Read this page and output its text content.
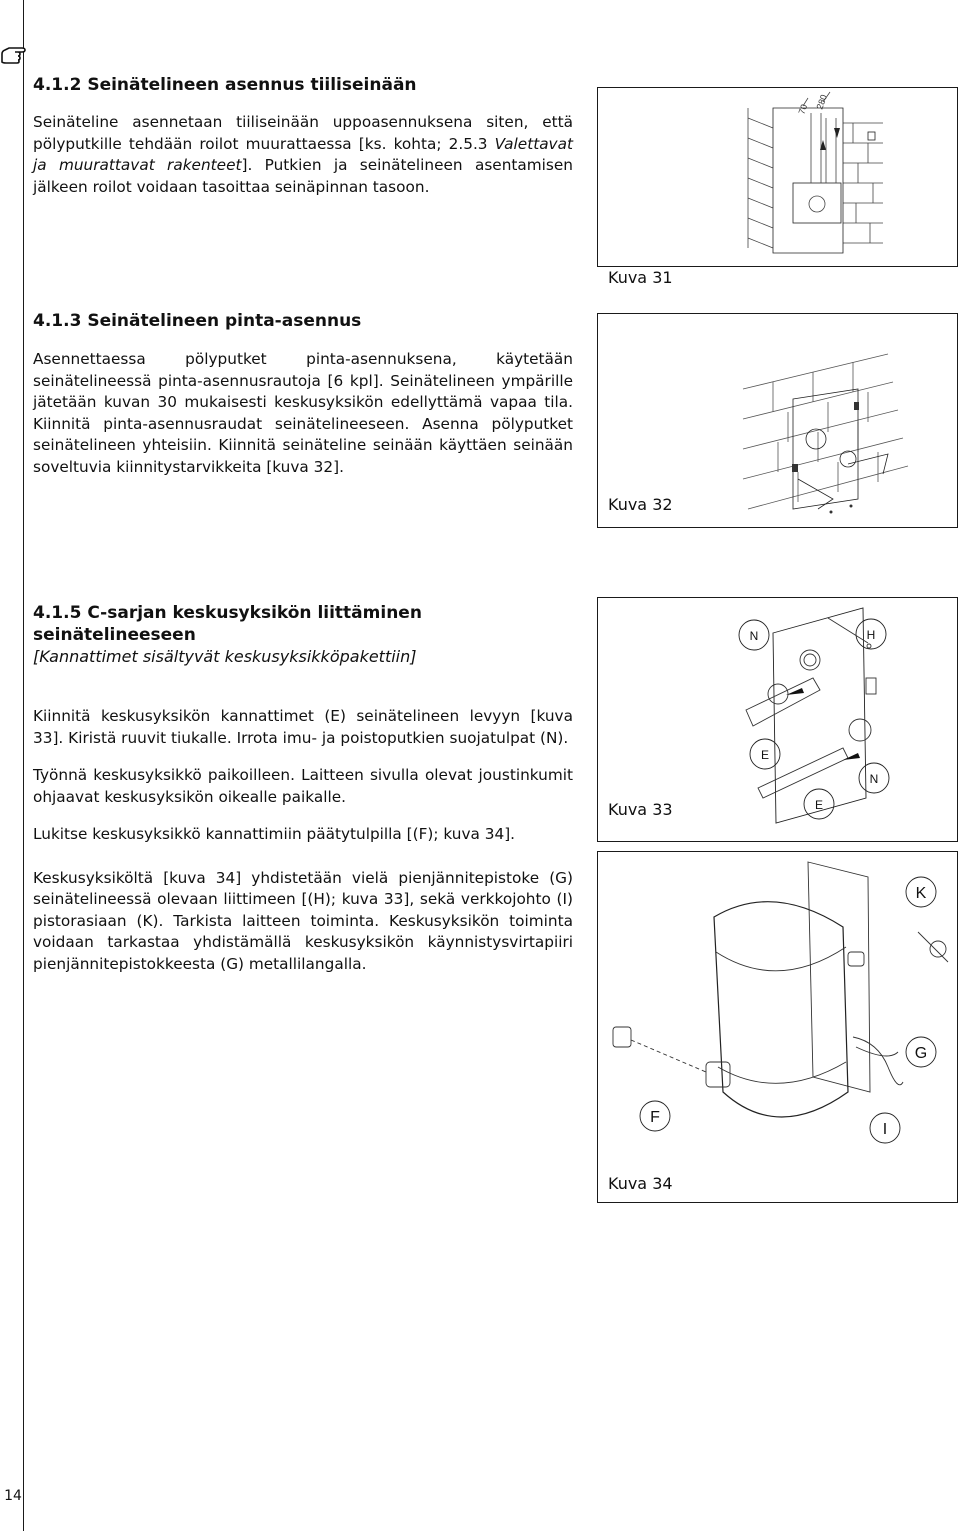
14
4.1.2 Seinätelineen asennus tiiliseinään

Seinäteline asennetaan tiiliseinään uppoasennuksena siten, että pölyputkille tehdään roilot muurattaessa [ks. kohta; 2.5.3 Valettavat ja muurattavat rakenteet]. Putkien ja seinätelineen asentamisen jälkeen roilot voidaan tasoittaa seinäpinnan tasoon.

4.1.3 Seinätelineen pinta-asennus

Asennettaessa pölyputket pinta-asennuksena, käytetään seinätelineessä pinta-asennusrautoja [6 kpl]. Seinätelineen ympärille jätetään kuvan 30 mukaisesti keskusyksikön edellyttämä vapaa tila. Kiinnitä pinta-asennusraudat seinätelineeseen. Asenna pölyputket seinätelineen yhteisiin. Kiinnitä seinäteline seinään käyttäen seinään soveltuvia kiinnitystarvikkeita [kuva 32].

4.1.5 C-sarjan keskusyksikön liittäminen seinätelineeseen
[Kannattimet sisältyvät keskusyksikköpakettiin]

Kiinnitä keskusyksikön kannattimet (E) seinätelineen levyyn [kuva 33]. Kiristä ruuvit tiukalle. Irrota imu- ja poistoputkien suojatulpat (N).

Työnnä keskusyksikkö paikoilleen. Laitteen sivulla olevat joustinkumit ohjaavat keskusyksikön oikealle paikalle.

Lukitse keskusyksikkö kannattimiin päätytulpilla [(F); kuva 34].

Keskusyksiköltä [kuva 34] yhdistetään vielä pienjännitepistoke (G) seinätelineessä olevaan liittimeen [(H); kuva 33], sekä verkkojohto (I) pistorasiaan (K). Tarkista laitteen toiminta. Keskusyksikön toiminta voidaan tarkastaa yhdistämällä keskusyksikön käynnistysvirtapiiri pienjännitepistokkeesta (G) metallilangalla.

70 280
Kuva 31
Kuva 32
N	H
E
N
E
Kuva 33
K
G
F
I
Kuva 34
